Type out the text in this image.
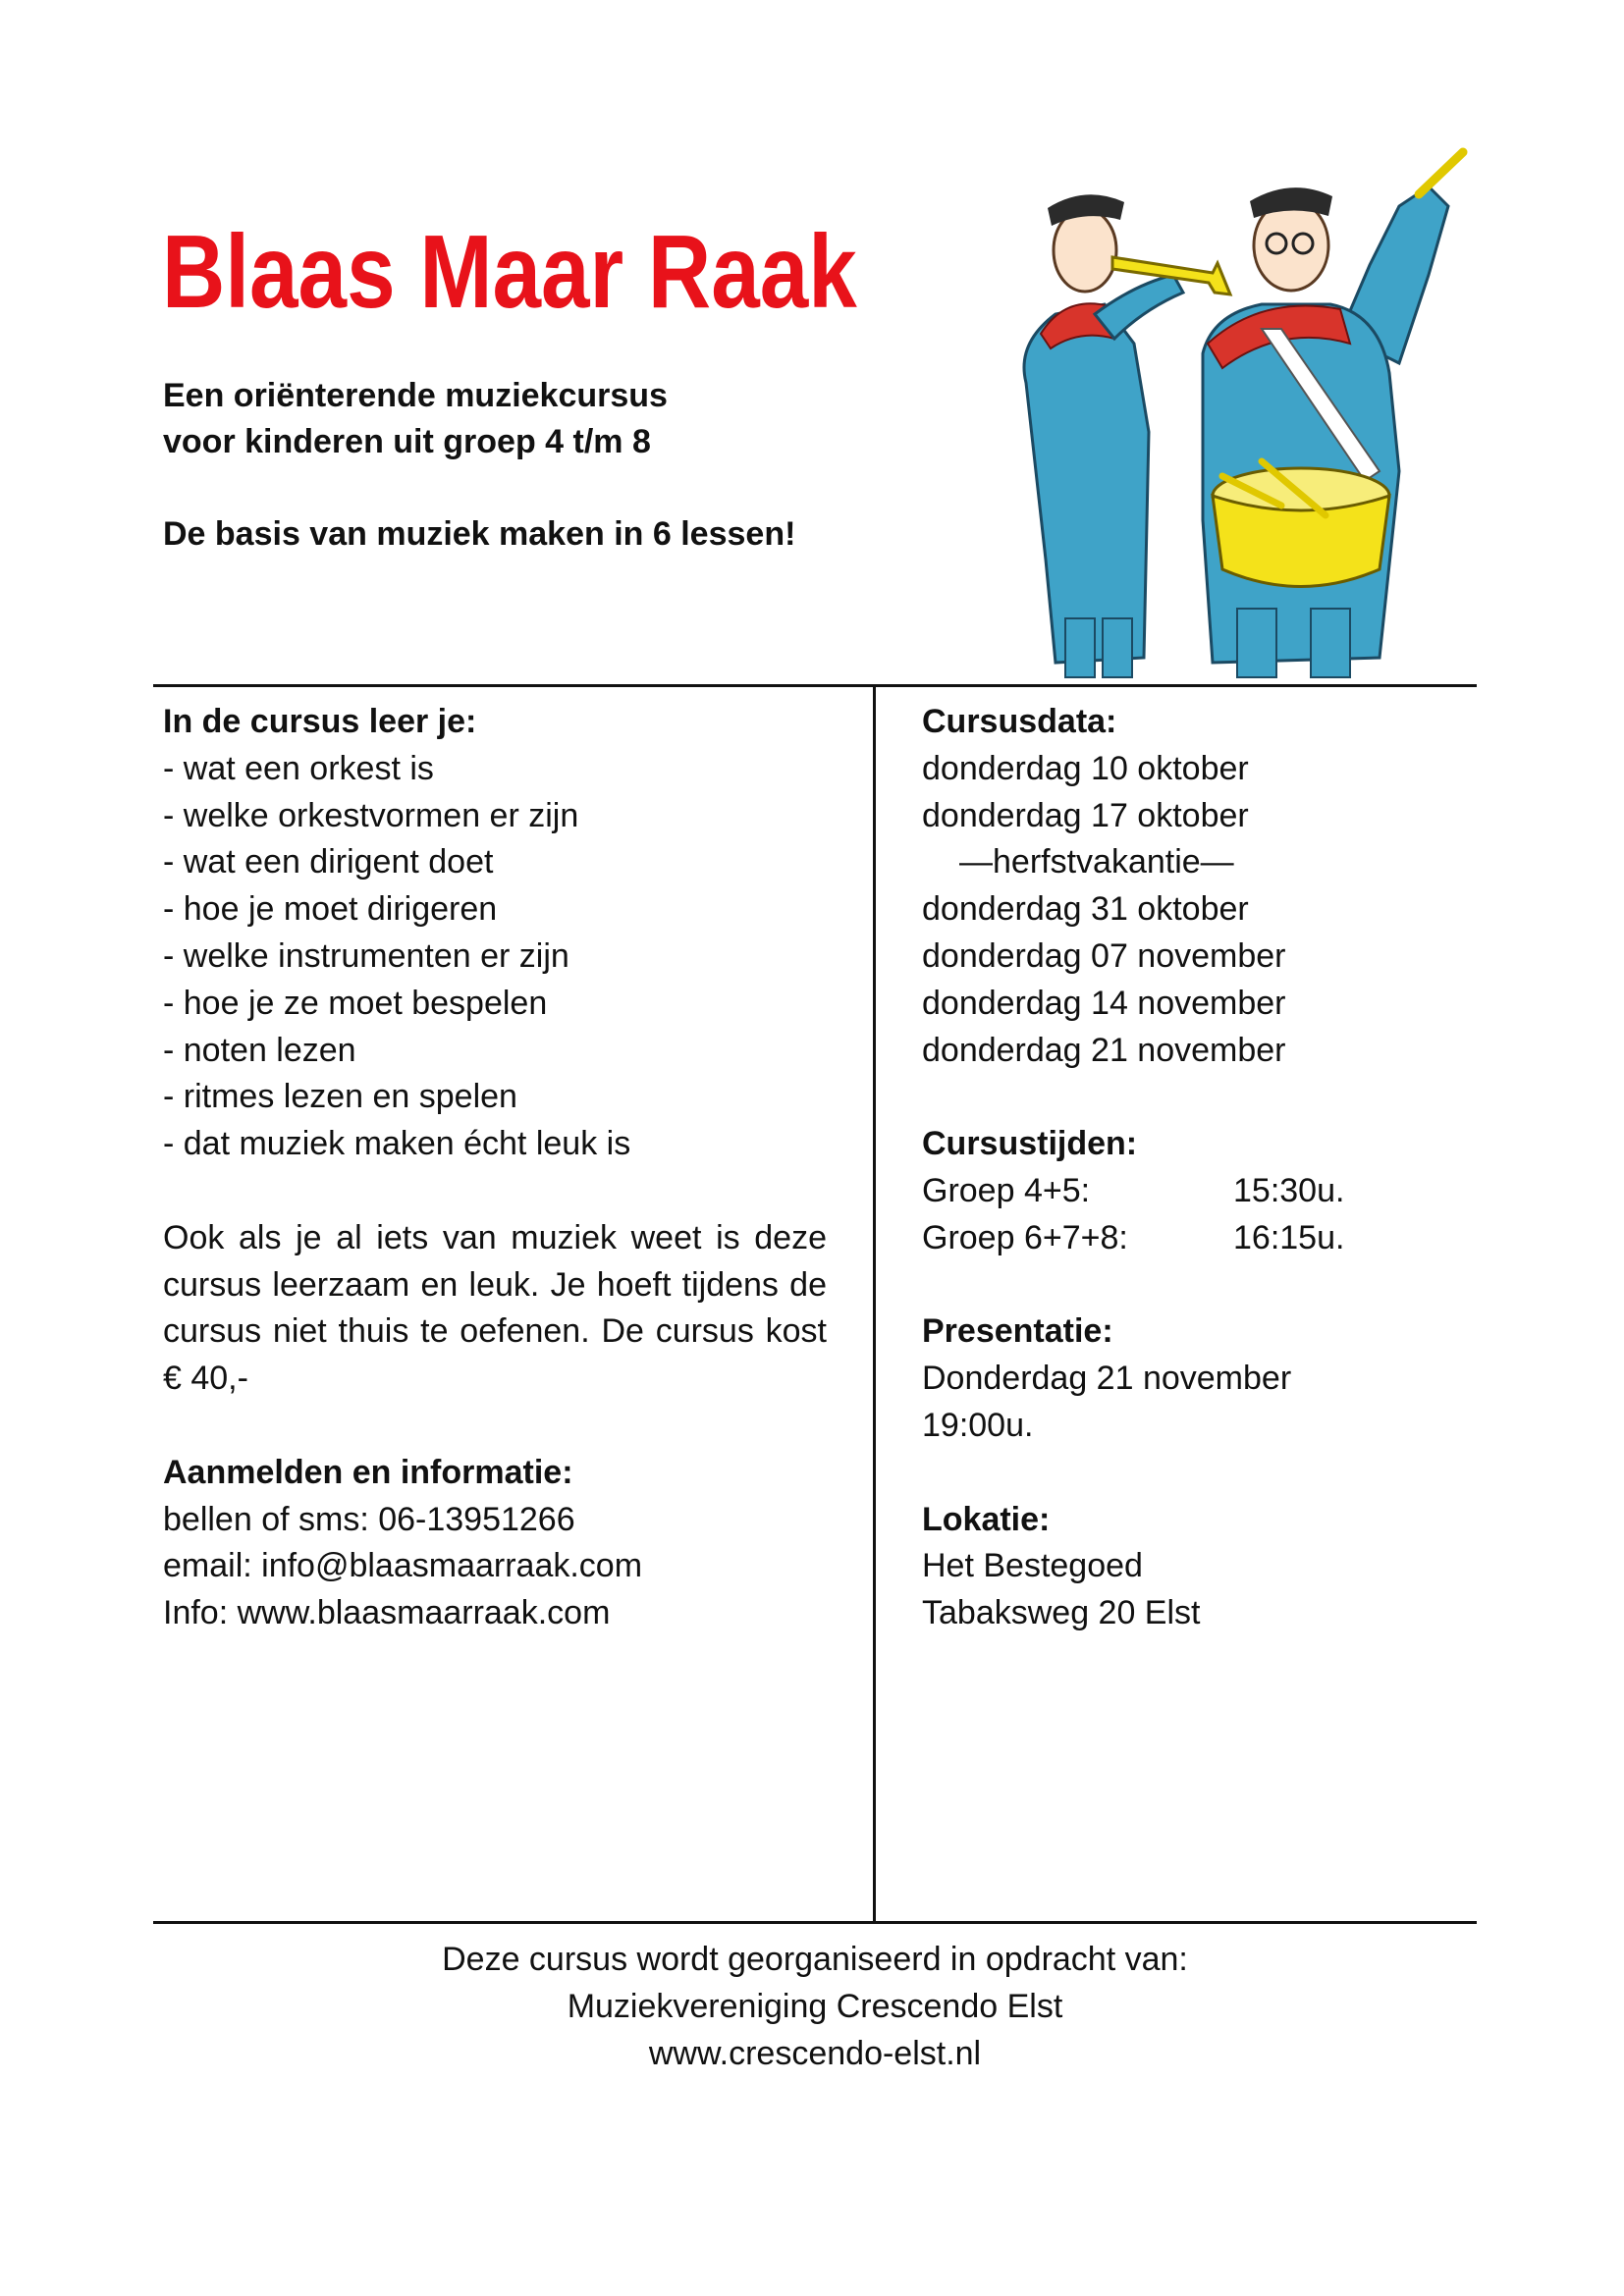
Blaas Maar Raak

Een oriënterende muziekcursus

voor kinderen uit groep 4 t/m 8

De basis van muziek maken in 6 lessen!

In de cursus leer je:

- wat een orkest is

- welke orkestvormen er zijn

- wat een dirigent doet

- hoe je moet dirigeren

- welke instrumenten er zijn

- hoe je ze moet bespelen

- noten lezen

- ritmes lezen en spelen

- dat muziek maken écht leuk is

Ook als je al iets van muziek weet is deze cursus leerzaam en leuk. Je hoeft tijdens de cursus niet thuis te oefenen. De cursus kost € 40,-

Aanmelden en informatie:

bellen of sms: 06-13951266

email: info@blaasmaarraak.com

Info: www.blaasmaarraak.com

Cursusdata:

donderdag 10 oktober

donderdag 17 oktober

—herfstvakantie—

donderdag 31 oktober

donderdag 07 november

donderdag 14 november

donderdag 21 november

Cursustijden:

Groep 4+5:	15:30u.
Groep 6+7+8:	16:15u.

Presentatie:

Donderdag 21 november

19:00u.

Lokatie:

Het Bestegoed

Tabaksweg 20 Elst

Deze cursus wordt georganiseerd in opdracht van:

Muziekvereniging Crescendo Elst

www.crescendo-elst.nl
